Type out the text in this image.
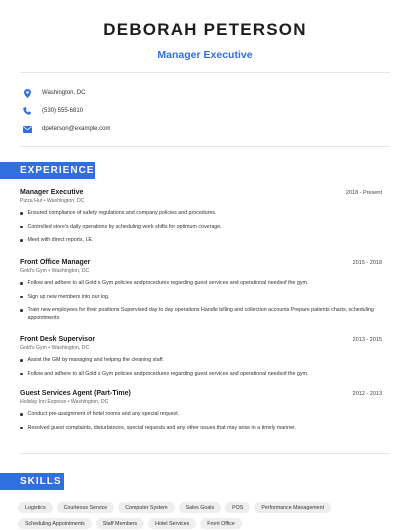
DEBORAH PETERSON
Manager Executive
Washington, DC
(530) 555-6810
dpeterson@example.com
EXPERIENCE
Manager Executive	2018 - Present
Pizza Hut • Washington, DC
Ensured compliance of safety regulations and company policies and procedures.
Controlled store's daily operations by scheduling work shifts for optimum coverage.
Meet with direct reports, I.E.
Front Office Manager	2015 - 2018
Gold's Gym • Washington, DC
Follow and adhere to all Gold s Gym policies andprocedures regarding guest services and operational needsof the gym.
Sign up new members into our log.
Train new employees for their positions Supervised day to day operations Handle billing and collection accounts Prepare patients charts, scheduling appointments
Front Desk Supervisor	2013 - 2015
Gold's Gym • Washington, DC
Assist the GM by managing and helping the cleaning staff.
Follow and adhere to all Gold s Gym policies andprocedures regarding guest services and operational needsof the gym.
Guest Services Agent (Part-Time)	2012 - 2013
Holiday Inn Express • Washington, DC
Conduct pre-assignment of hotel rooms and any special request.
Resolved guest complaints, disturbances, special requests and any other issues that may arise in a timely manner.
SKILLS
Logistics	Courteous Service	Computer System	Sales Goals	POS	Performance Management
Scheduling Appointments	Staff Members	Hotel Services	Front Office
